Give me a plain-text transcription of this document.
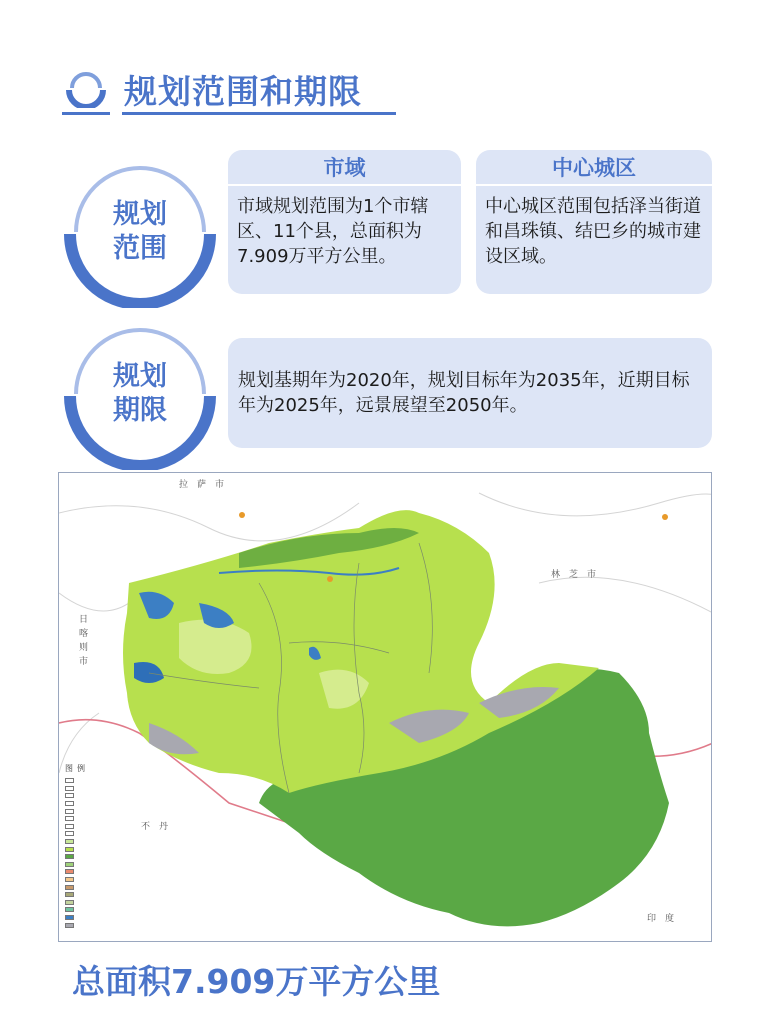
规划范围和期限
规划
范围
市域
市域规划范围为1个市辖区、11个县，总面积为7.909万平方公里。
中心城区
中心城区范围包括泽当街道和昌珠镇、结巴乡的城市建设区域。
规划
期限
规划基期年为2020年，规划目标年为2035年，近期目标年为2025年，远景展望至2050年。
拉　萨　市
林　芝　市
日
喀
则
市
不　丹
印　度
图例
总面积7.909万平方公里
